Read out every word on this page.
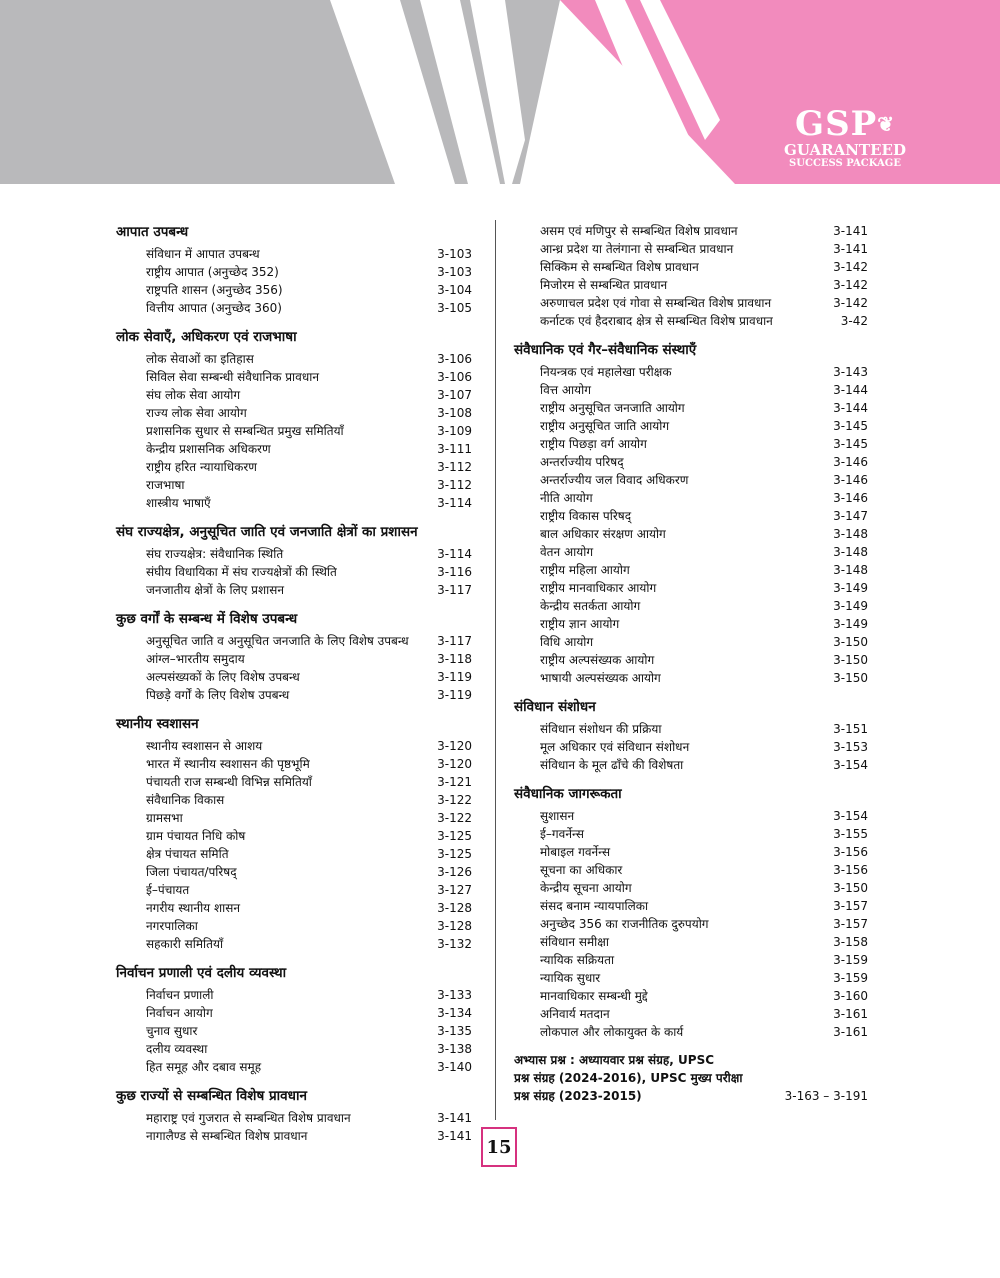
GSP❦
GUARANTEED
SUCCESS PACKAGE
आपात उपबन्ध
संविधान में आपात उपबन्ध	3-103
राष्ट्रीय आपात (अनुच्छेद 352)	3-103
राष्ट्रपति शासन (अनुच्छेद 356)	3-104
वित्तीय आपात (अनुच्छेद 360)	3-105
लोक सेवाएँ, अधिकरण एवं राजभाषा
लोक सेवाओं का इतिहास	3-106
सिविल सेवा सम्बन्धी संवैधानिक प्रावधान	3-106
संघ लोक सेवा आयोग	3-107
राज्य लोक सेवा आयोग	3-108
प्रशासनिक सुधार से सम्बन्धित प्रमुख समितियाँ	3-109
केन्द्रीय प्रशासनिक अधिकरण	3-111
राष्ट्रीय हरित न्यायाधिकरण	3-112
राजभाषा	3-112
शास्त्रीय भाषाएँ	3-114
संघ राज्यक्षेत्र, अनुसूचित जाति एवं जनजाति क्षेत्रों का प्रशासन
संघ राज्यक्षेत्र: संवैधानिक स्थिति	3-114
संघीय विधायिका में संघ राज्यक्षेत्रों की स्थिति	3-116
जनजातीय क्षेत्रों के लिए प्रशासन	3-117
कुछ वर्गों के सम्बन्ध में विशेष उपबन्ध
अनुसूचित जाति व अनुसूचित जनजाति के लिए विशेष उपबन्ध 3-117
आंग्ल–भारतीय समुदाय	3-118
अल्पसंख्यकों के लिए विशेष उपबन्ध	3-119
पिछड़े वर्गों के लिए विशेष उपबन्ध	3-119
स्थानीय स्वशासन
स्थानीय स्वशासन से आशय	3-120
भारत में स्थानीय स्वशासन की पृष्ठभूमि	3-120
पंचायती राज सम्बन्धी विभिन्न समितियाँ	3-121
संवैधानिक विकास	3-122
ग्रामसभा	3-122
ग्राम पंचायत निधि कोष	3-125
क्षेत्र पंचायत समिति	3-125
जिला पंचायत/परिषद्	3-126
ई–पंचायत	3-127
नगरीय स्थानीय शासन	3-128
नगरपालिका	3-128
सहकारी समितियाँ	3-132
निर्वाचन प्रणाली एवं दलीय व्यवस्था
निर्वाचन प्रणाली	3-133
निर्वाचन आयोग	3-134
चुनाव सुधार	3-135
दलीय व्यवस्था	3-138
हित समूह और दबाव समूह	3-140
कुछ राज्यों से सम्बन्धित विशेष प्रावधान
महाराष्ट्र एवं गुजरात से सम्बन्धित विशेष प्रावधान	3-141
नागालैण्ड से सम्बन्धित विशेष प्रावधान	3-141
असम एवं मणिपुर से सम्बन्धित विशेष प्रावधान	3-141
आन्ध्र प्रदेश या तेलंगाना से सम्बन्धित प्रावधान	3-141
सिक्किम से सम्बन्धित विशेष प्रावधान	3-142
मिजोरम से सम्बन्धित प्रावधान	3-142
अरुणाचल प्रदेश एवं गोवा से सम्बन्धित विशेष प्रावधान	3-142
कर्नाटक एवं हैदराबाद क्षेत्र से सम्बन्धित विशेष प्रावधान	3-42
संवैधानिक एवं गैर–संवैधानिक संस्थाएँ
नियन्त्रक एवं महालेखा परीक्षक	3-143
वित्त आयोग	3-144
राष्ट्रीय अनुसूचित जनजाति आयोग	3-144
राष्ट्रीय अनुसूचित जाति आयोग	3-145
राष्ट्रीय पिछड़ा वर्ग आयोग	3-145
अन्तर्राज्यीय परिषद्	3-146
अन्तर्राज्यीय जल विवाद अधिकरण	3-146
नीति आयोग	3-146
राष्ट्रीय विकास परिषद्	3-147
बाल अधिकार संरक्षण आयोग	3-148
वेतन आयोग	3-148
राष्ट्रीय महिला आयोग	3-148
राष्ट्रीय मानवाधिकार आयोग	3-149
केन्द्रीय सतर्कता आयोग	3-149
राष्ट्रीय ज्ञान आयोग	3-149
विधि आयोग	3-150
राष्ट्रीय अल्पसंख्यक आयोग	3-150
भाषायी अल्पसंख्यक आयोग	3-150
संविधान संशोधन
संविधान संशोधन की प्रक्रिया	3-151
मूल अधिकार एवं संविधान संशोधन	3-153
संविधान के मूल ढाँचे की विशेषता	3-154
संवैधानिक जागरूकता
सुशासन	3-154
ई–गवर्नेन्स	3-155
मोबाइल गवर्नेन्स	3-156
सूचना का अधिकार	3-156
केन्द्रीय सूचना आयोग	3-150
संसद बनाम न्यायपालिका	3-157
अनुच्छेद 356 का राजनीतिक दुरुपयोग	3-157
संविधान समीक्षा	3-158
न्यायिक सक्रियता	3-159
न्यायिक सुधार	3-159
मानवाधिकार सम्बन्धी मुद्दे	3-160
अनिवार्य मतदान	3-161
लोकपाल और लोकायुक्त के कार्य	3-161
अभ्यास प्रश्न : अध्यायवार प्रश्न संग्रह, UPSC
प्रश्न संग्रह (2024-2016), UPSC मुख्य परीक्षा
प्रश्न संग्रह (2023-2015)	3-163 – 3-191
15
